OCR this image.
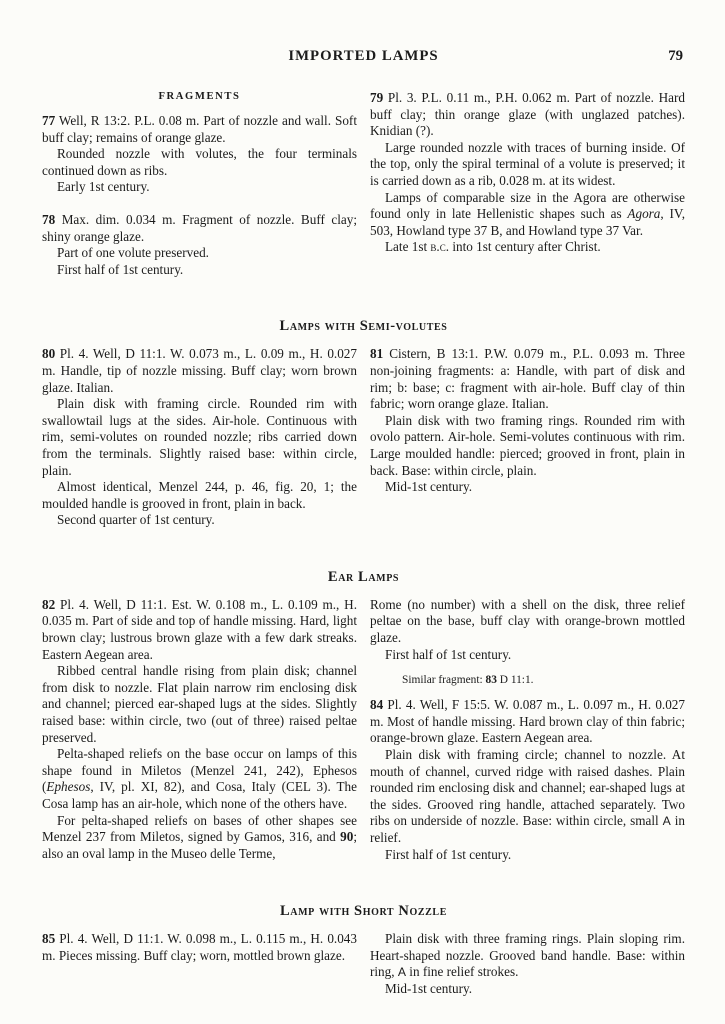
IMPORTED LAMPS	79
FRAGMENTS

77 Well, R 13:2. P.L. 0.08 m. Part of nozzle and wall. Soft buff clay; remains of orange glaze.

Rounded nozzle with volutes, the four terminals continued down as ribs.

Early 1st century.

78 Max. dim. 0.034 m. Fragment of nozzle. Buff clay; shiny orange glaze.

Part of one volute preserved.

First half of 1st century.

79 Pl. 3. P.L. 0.11 m., P.H. 0.062 m. Part of nozzle. Hard buff clay; thin orange glaze (with unglazed patches). Knidian (?).

Large rounded nozzle with traces of burning inside. Of the top, only the spiral terminal of a volute is preserved; it is carried down as a rib, 0.028 m. at its widest.

Lamps of comparable size in the Agora are otherwise found only in late Hellenistic shapes such as Agora, IV, 503, Howland type 37 B, and Howland type 37 Var.

Late 1st b.c. into 1st century after Christ.

Lamps with Semi-volutes

80 Pl. 4. Well, D 11:1. W. 0.073 m., L. 0.09 m., H. 0.027 m. Handle, tip of nozzle missing. Buff clay; worn brown glaze. Italian.

Plain disk with framing circle. Rounded rim with swallowtail lugs at the sides. Air-hole. Continuous with rim, semi-volutes on rounded nozzle; ribs carried down from the terminals. Slightly raised base: within circle, plain.

Almost identical, Menzel 244, p. 46, fig. 20, 1; the moulded handle is grooved in front, plain in back.

Second quarter of 1st century.

81 Cistern, B 13:1. P.W. 0.079 m., P.L. 0.093 m. Three non-joining fragments: a: Handle, with part of disk and rim; b: base; c: fragment with air-hole. Buff clay of thin fabric; worn orange glaze. Italian.

Plain disk with two framing rings. Rounded rim with ovolo pattern. Air-hole. Semi-volutes continuous with rim. Large moulded handle: pierced; grooved in front, plain in back. Base: within circle, plain.

Mid-1st century.

Ear Lamps

82 Pl. 4. Well, D 11:1. Est. W. 0.108 m., L. 0.109 m., H. 0.035 m. Part of side and top of handle missing. Hard, light brown clay; lustrous brown glaze with a few dark streaks. Eastern Aegean area.

Ribbed central handle rising from plain disk; channel from disk to nozzle. Flat plain narrow rim enclosing disk and channel; pierced ear-shaped lugs at the sides. Slightly raised base: within circle, two (out of three) raised peltae preserved.

Pelta-shaped reliefs on the base occur on lamps of this shape found in Miletos (Menzel 241, 242), Ephesos (Ephesos, IV, pl. XI, 82), and Cosa, Italy (CEL 3). The Cosa lamp has an air-hole, which none of the others have.

For pelta-shaped reliefs on bases of other shapes see Menzel 237 from Miletos, signed by Gamos, 316, and 90; also an oval lamp in the Museo delle Terme,

Rome (no number) with a shell on the disk, three relief peltae on the base, buff clay with orange-brown mottled glaze.

First half of 1st century.

Similar fragment: 83 D 11:1.

84 Pl. 4. Well, F 15:5. W. 0.087 m., L. 0.097 m., H. 0.027 m. Most of handle missing. Hard brown clay of thin fabric; orange-brown glaze. Eastern Aegean area.

Plain disk with framing circle; channel to nozzle. At mouth of channel, curved ridge with raised dashes. Plain rounded rim enclosing disk and channel; ear-shaped lugs at the sides. Grooved ring handle, attached separately. Two ribs on underside of nozzle. Base: within circle, small A in relief.

First half of 1st century.

Lamp with Short Nozzle

85 Pl. 4. Well, D 11:1. W. 0.098 m., L. 0.115 m., H. 0.043 m. Pieces missing. Buff clay; worn, mottled brown glaze.

Plain disk with three framing rings. Plain sloping rim. Heart-shaped nozzle. Grooved band handle. Base: within ring, A in fine relief strokes.

Mid-1st century.
